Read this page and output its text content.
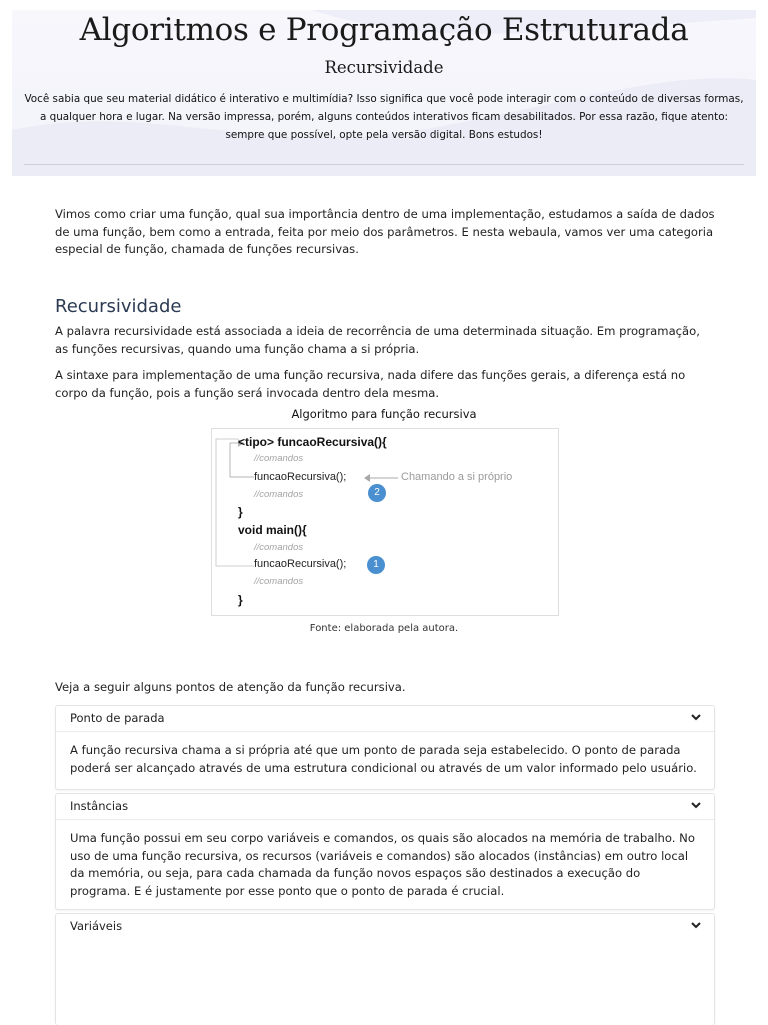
Algoritmos e Programação Estruturada
Recursividade
Você sabia que seu material didático é interativo e multimídia? Isso significa que você pode interagir com o conteúdo de diversas formas, a qualquer hora e lugar. Na versão impressa, porém, alguns conteúdos interativos ficam desabilitados. Por essa razão, fique atento: sempre que possível, opte pela versão digital. Bons estudos!
Vimos como criar uma função, qual sua importância dentro de uma implementação, estudamos a saída de dados de uma função, bem como a entrada, feita por meio dos parâmetros. E nesta webaula, vamos ver uma categoria especial de função, chamada de funções recursivas.
Recursividade
A palavra recursividade está associada a ideia de recorrência de uma determinada situação. Em programação, as funções recursivas, quando uma função chama a si própria.
A sintaxe para implementação de uma função recursiva, nada difere das funções gerais, a diferença está no corpo da função, pois a função será invocada dentro dela mesma.
Algoritmo para função recursiva
<tipo> funcaoRecursiva(){
//comandos
funcaoRecursiva();	Chamando a si próprio
2
//comandos
}
void main(){
//comandos
funcaoRecursiva();	1
//comandos
}
Fonte: elaborada pela autora.
Veja a seguir alguns pontos de atenção da função recursiva.
Ponto de parada
A função recursiva chama a si própria até que um ponto de parada seja estabelecido. O ponto de parada poderá ser alcançado através de uma estrutura condicional ou através de um valor informado pelo usuário.
Instâncias
Uma função possui em seu corpo variáveis e comandos, os quais são alocados na memória de trabalho. No uso de uma função recursiva, os recursos (variáveis e comandos) são alocados (instâncias) em outro local da memória, ou seja, para cada chamada da função novos espaços são destinados a execução do programa. E é justamente por esse ponto que o ponto de parada é crucial.
Variáveis
